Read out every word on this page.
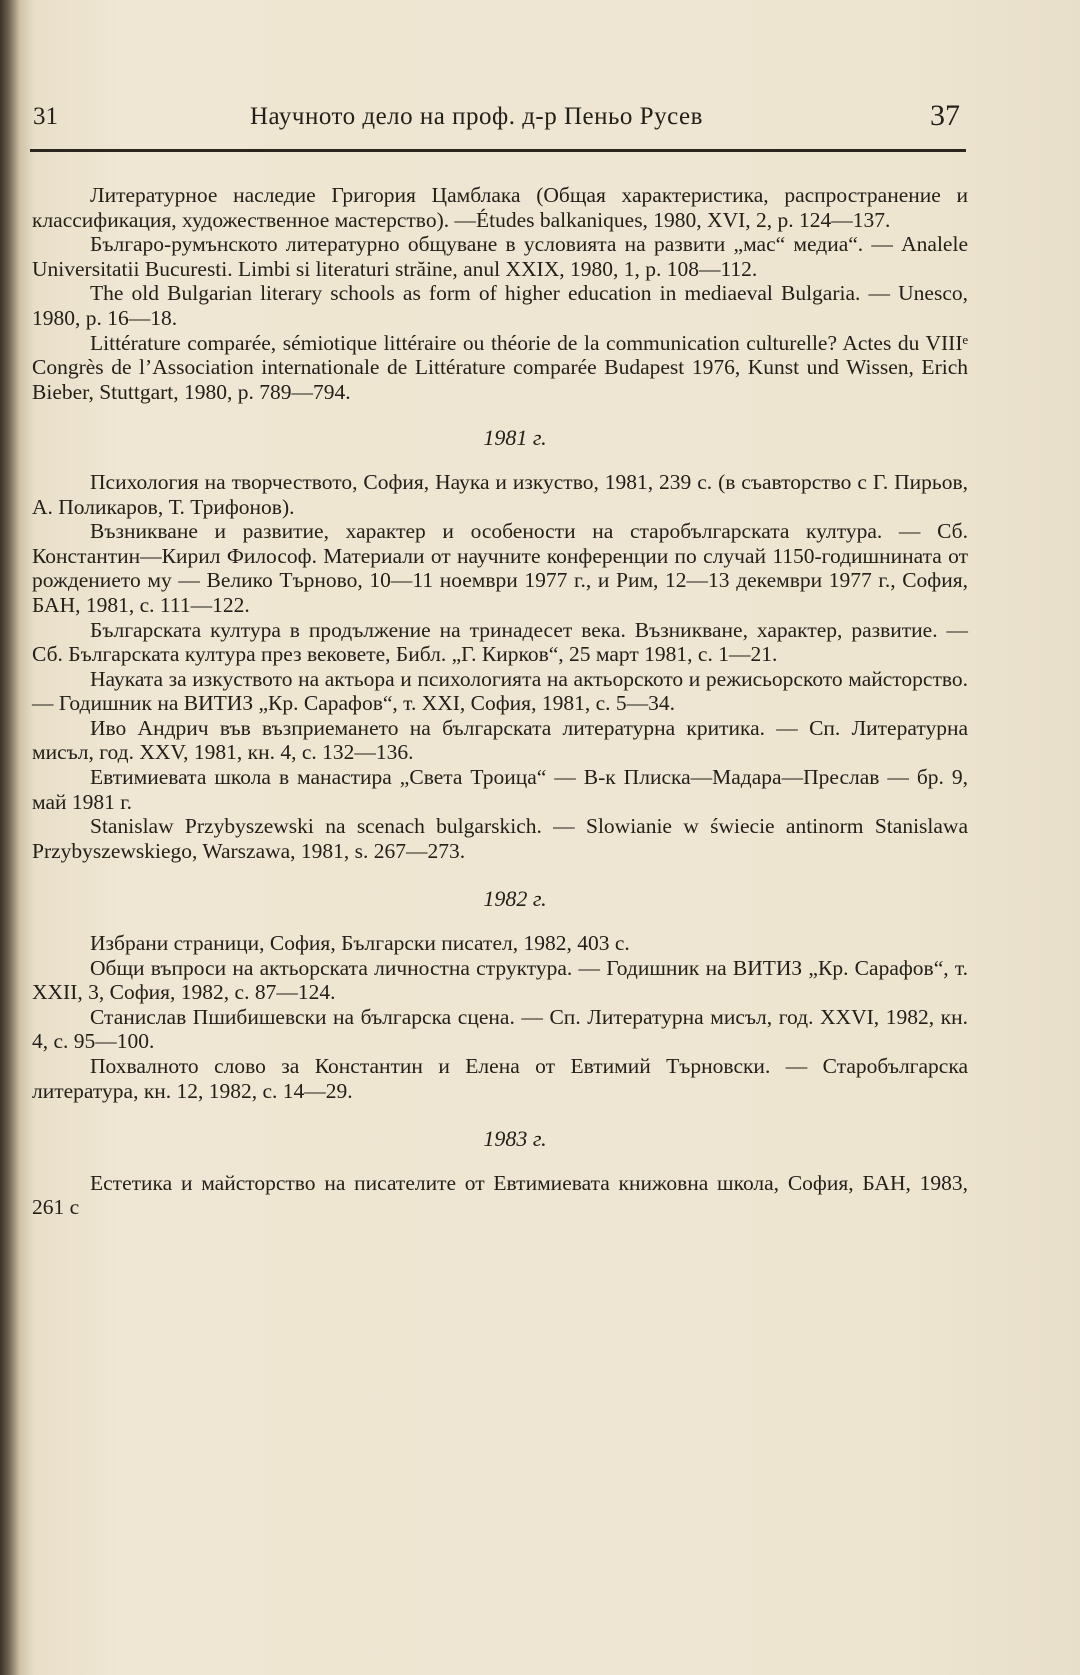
31	Научното дело на проф. д-р Пеньо Русев	37

Литературное наследие Григория Цамблака (Общая характеристика, распространение и классификация, художественное мастерство). —Études balkaniques, 1980, XVI, 2, p. 124—137.

Българо-румънското литературно общуване в условията на развити „мас“ медиа“. — Analele Universitatii Bucuresti. Limbi si literaturi străine, anul XXIX, 1980, 1, p. 108—112.

The old Bulgarian literary schools as form of higher education in mediaeval Bulgaria. — Unesco, 1980, p. 16—18.

Littérature comparée, sémiotique littéraire ou théorie de la communication culturelle? Actes du VIIIᵉ Congrès de l’Association internationale de Littérature comparée Budapest 1976, Kunst und Wissen, Erich Bieber, Stuttgart, 1980, p. 789—794.

1981 г.

Психология на творчеството, София, Наука и изкуство, 1981, 239 с. (в съавторство с Г. Пирьов, А. Поликаров, Т. Трифонов).

Възникване и развитие, характер и особености на старобългарската култура. — Сб. Константин—Кирил Философ. Материали от научните конференции по случай 1150-годишнината от рождението му — Велико Търново, 10—11 ноември 1977 г., и Рим, 12—13 декември 1977 г., София, БАН, 1981, с. 111—122.

Българската култура в продължение на тринадесет века. Възникване, характер, развитие. — Сб. Българската култура през вековете, Библ. „Г. Кирков“, 25 март 1981, с. 1—21.

Науката за изкуството на актьора и психологията на актьорското и режисьорското майсторство. — Годишник на ВИТИЗ „Кр. Сарафов“, т. XXI, София, 1981, с. 5—34.

Иво Андрич във възприемането на българската литературна критика. — Сп. Литературна мисъл, год. XXV, 1981, кн. 4, с. 132—136.

Евтимиевата школа в манастира „Света Троица“ — В-к Плиска—Мадара—Преслав — бр. 9, май 1981 г.

Stanislaw Przybyszewski na scenach bulgarskich. — Slowianie w świecie antinorm Stanislawa Przybyszewskiego, Warszawa, 1981, s. 267—273.

1982 г.

Избрани страници, София, Български писател, 1982, 403 с.

Общи въпроси на актьорската личностна структура. — Годишник на ВИТИЗ „Кр. Сарафов“, т. XXII, 3, София, 1982, с. 87—124.

Станислав Пшибишевски на българска сцена. — Сп. Литературна мисъл, год. XXVI, 1982, кн. 4, с. 95—100.

Похвалното слово за Константин и Елена от Евтимий Търновски. — Старобългарска литература, кн. 12, 1982, с. 14—29.

1983 г.

Естетика и майсторство на писателите от Евтимиевата книжовна школа, София, БАН, 1983, 261 с
